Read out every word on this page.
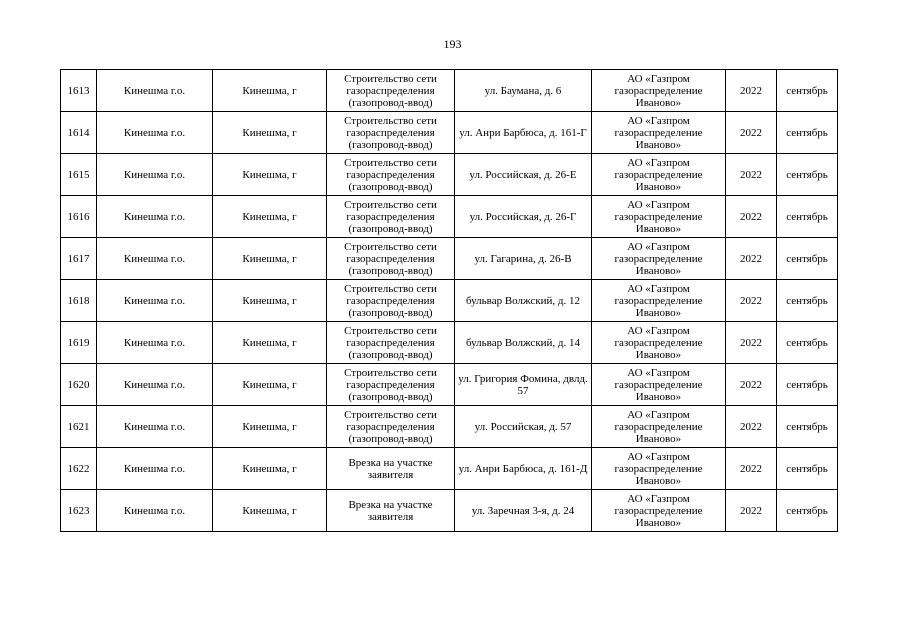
193
1613	Кинешма г.о.	Кинешма, г	Строительство сети газораспределения (газопровод-ввод)	ул. Баумана, д. 6	АО «Газпром газораспределение Иваново»	2022	сентябрь
1614	Кинешма г.о.	Кинешма, г	Строительство сети газораспределения (газопровод-ввод)	ул. Анри Барбюса, д. 161-Г	АО «Газпром газораспределение Иваново»	2022	сентябрь
1615	Кинешма г.о.	Кинешма, г	Строительство сети газораспределения (газопровод-ввод)	ул. Российская, д. 26-Е	АО «Газпром газораспределение Иваново»	2022	сентябрь
1616	Кинешма г.о.	Кинешма, г	Строительство сети газораспределения (газопровод-ввод)	ул. Российская, д. 26-Г	АО «Газпром газораспределение Иваново»	2022	сентябрь
1617	Кинешма г.о.	Кинешма, г	Строительство сети газораспределения (газопровод-ввод)	ул. Гагарина, д. 26-В	АО «Газпром газораспределение Иваново»	2022	сентябрь
1618	Кинешма г.о.	Кинешма, г	Строительство сети газораспределения (газопровод-ввод)	бульвар Волжский, д. 12	АО «Газпром газораспределение Иваново»	2022	сентябрь
1619	Кинешма г.о.	Кинешма, г	Строительство сети газораспределения (газопровод-ввод)	бульвар Волжский, д. 14	АО «Газпром газораспределение Иваново»	2022	сентябрь
1620	Кинешма г.о.	Кинешма, г	Строительство сети газораспределения (газопровод-ввод)	ул. Григория Фомина, двлд. 57	АО «Газпром газораспределение Иваново»	2022	сентябрь
1621	Кинешма г.о.	Кинешма, г	Строительство сети газораспределения (газопровод-ввод)	ул. Российская, д. 57	АО «Газпром газораспределение Иваново»	2022	сентябрь
1622	Кинешма г.о.	Кинешма, г	Врезка на участке заявителя	ул. Анри Барбюса, д. 161-Д	АО «Газпром газораспределение Иваново»	2022	сентябрь
1623	Кинешма г.о.	Кинешма, г	Врезка на участке заявителя	ул. Заречная 3-я, д. 24	АО «Газпром газораспределение Иваново»	2022	сентябрь
